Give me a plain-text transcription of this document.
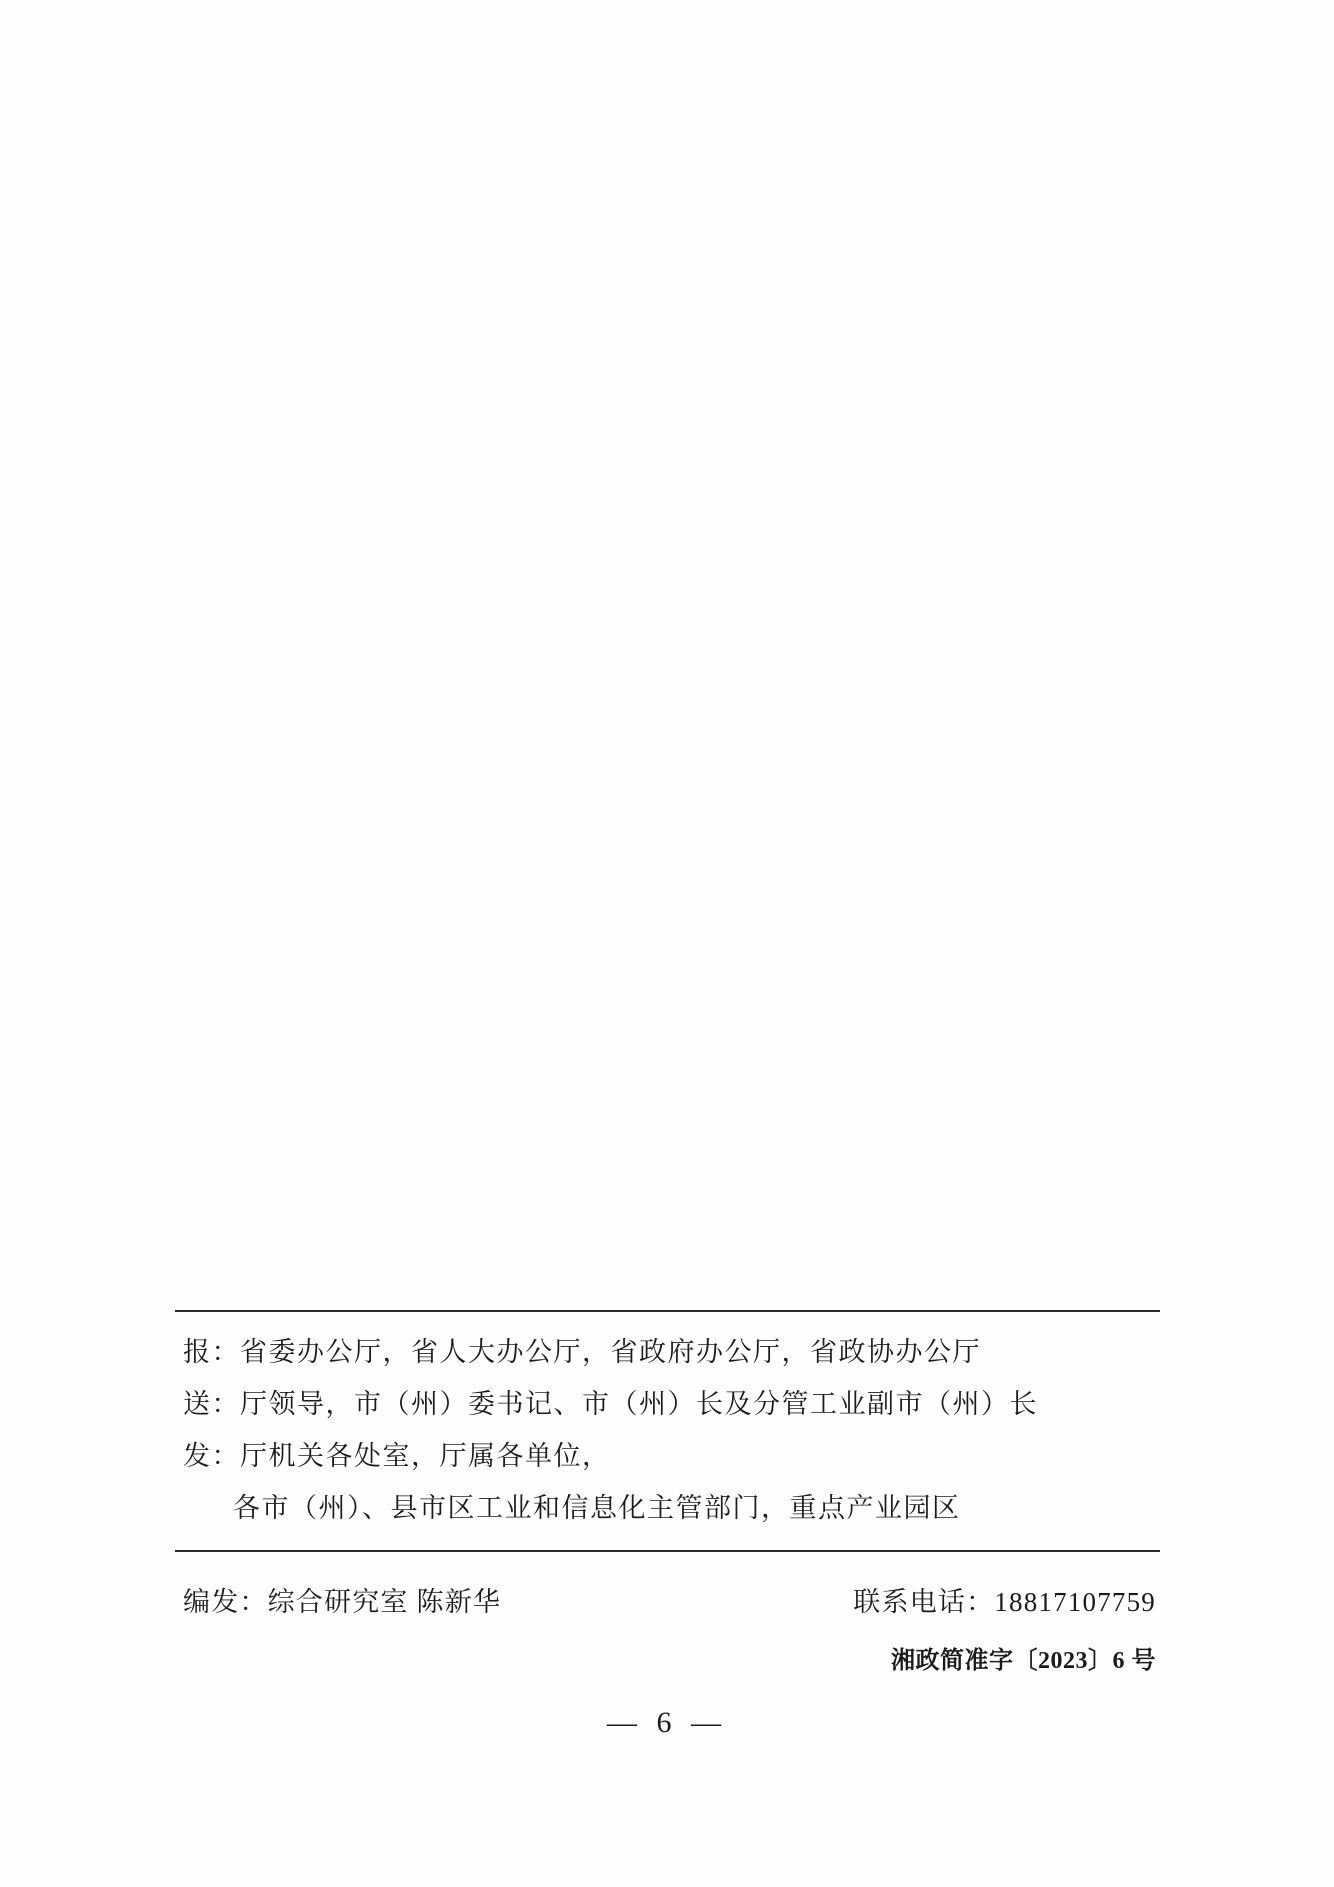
报：省委办公厅，省人大办公厅，省政府办公厅，省政协办公厅
送：厅领导，市（州）委书记、市（州）长及分管工业副市（州）长
发：厅机关各处室，厅属各单位，
各市（州）、县市区工业和信息化主管部门，重点产业园区
编发：综合研究室 陈新华	联系电话：18817107759
湘政简准字〔2023〕6 号
— 6 —
